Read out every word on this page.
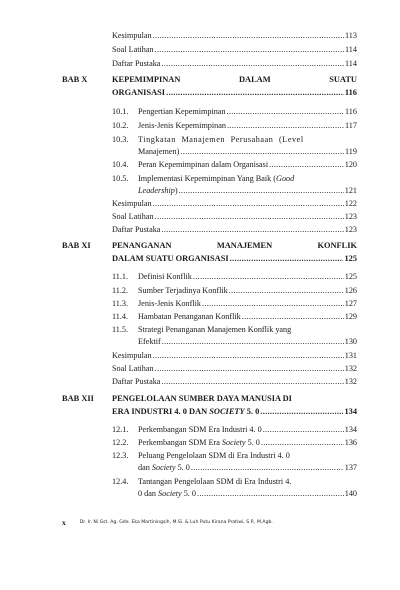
Kesimpulan .....	113
Soal Latihan .....	114
Daftar Pustaka .....	114
BAB X	KEPEMIMPINAN	DALAM	SUATU
ORGANISASI .....	116
10.1. Pengertian Kepemimpinan .....	116
10.2. Jenis-Jenis Kepemimpinan .....	117
10.3. Tingkatan Manajemen Perusahaan (Level
Manajemen) .....	119
10.4. Peran Kepemimpinan dalam Organisasi .....	120
10.5. Implementasi Kepemimpinan Yang Baik (Good
Leadership) .....	121
Kesimpulan .....	122
Soal Latihan .....	123
Daftar Pustaka .....	123
BAB XI	PENANGANAN	MANAJEMEN	KONFLIK
DALAM SUATU ORGANISASI .....	125
11.1. Definisi Konflik .....	125
11.2. Sumber Terjadinya Konflik .....	126
11.3. Jenis-Jenis Konflik .....	127
11.4. Hambatan Penanganan Konflik .....	129
11.5. Strategi Penanganan Manajemen Konflik yang
Efektif .....	130
Kesimpulan .....	131
Soal Latihan .....	132
Daftar Pustaka .....	132
BAB XII PENGELOLAAN SUMBER DAYA MANUSIA DI
ERA INDUSTRI 4. 0 DAN SOCIETY 5. 0 .....	134
12.1. Perkembangan SDM Era Industri 4. 0 .....	134
12.2. Perkembangan SDM Era Society 5. 0 .....	136
12.3. Peluang Pengelolaan SDM di Era Industri 4. 0
dan Society 5. 0 .....	137
12.4. Tantangan Pengelolaan SDM di Era Industri 4.
0 dan Society 5. 0 .....	140
x	Dr. Ir. Ni Gst. Ag. Gde. Eka Martiningsih, M.Si. & Luh Putu Kirana Pratiwi, S.P., M.Agb.
